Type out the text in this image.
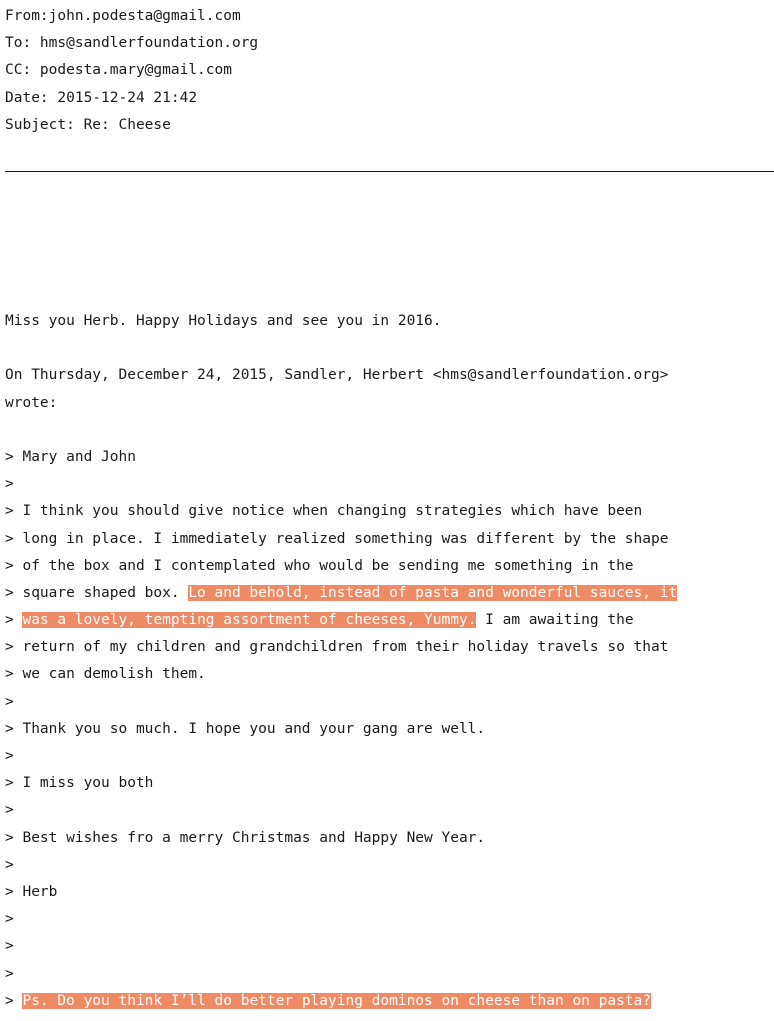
From:john.podesta@gmail.com
To: hms@sandlerfoundation.org
CC: podesta.mary@gmail.com
Date: 2015-12-24 21:42
Subject: Re: Cheese
Miss you Herb. Happy Holidays and see you in 2016.
On Thursday, December 24, 2015, Sandler, Herbert <hms@sandlerfoundation.org>
wrote:
> Mary and John
>
> I think you should give notice when changing strategies which have been
> long in place. I immediately realized something was different by the shape
> of the box and I contemplated who would be sending me something in the
> square shaped box. Lo and behold, instead of pasta and wonderful sauces, it
> was a lovely, tempting assortment of cheeses, Yummy. I am awaiting the
> return of my children and grandchildren from their holiday travels so that
> we can demolish them.
>
> Thank you so much. I hope you and your gang are well.
>
> I miss you both
>
> Best wishes fro a merry Christmas and Happy New Year.
>
> Herb
>
>
>
> Ps. Do you think I’ll do better playing dominos on cheese than on pasta?
